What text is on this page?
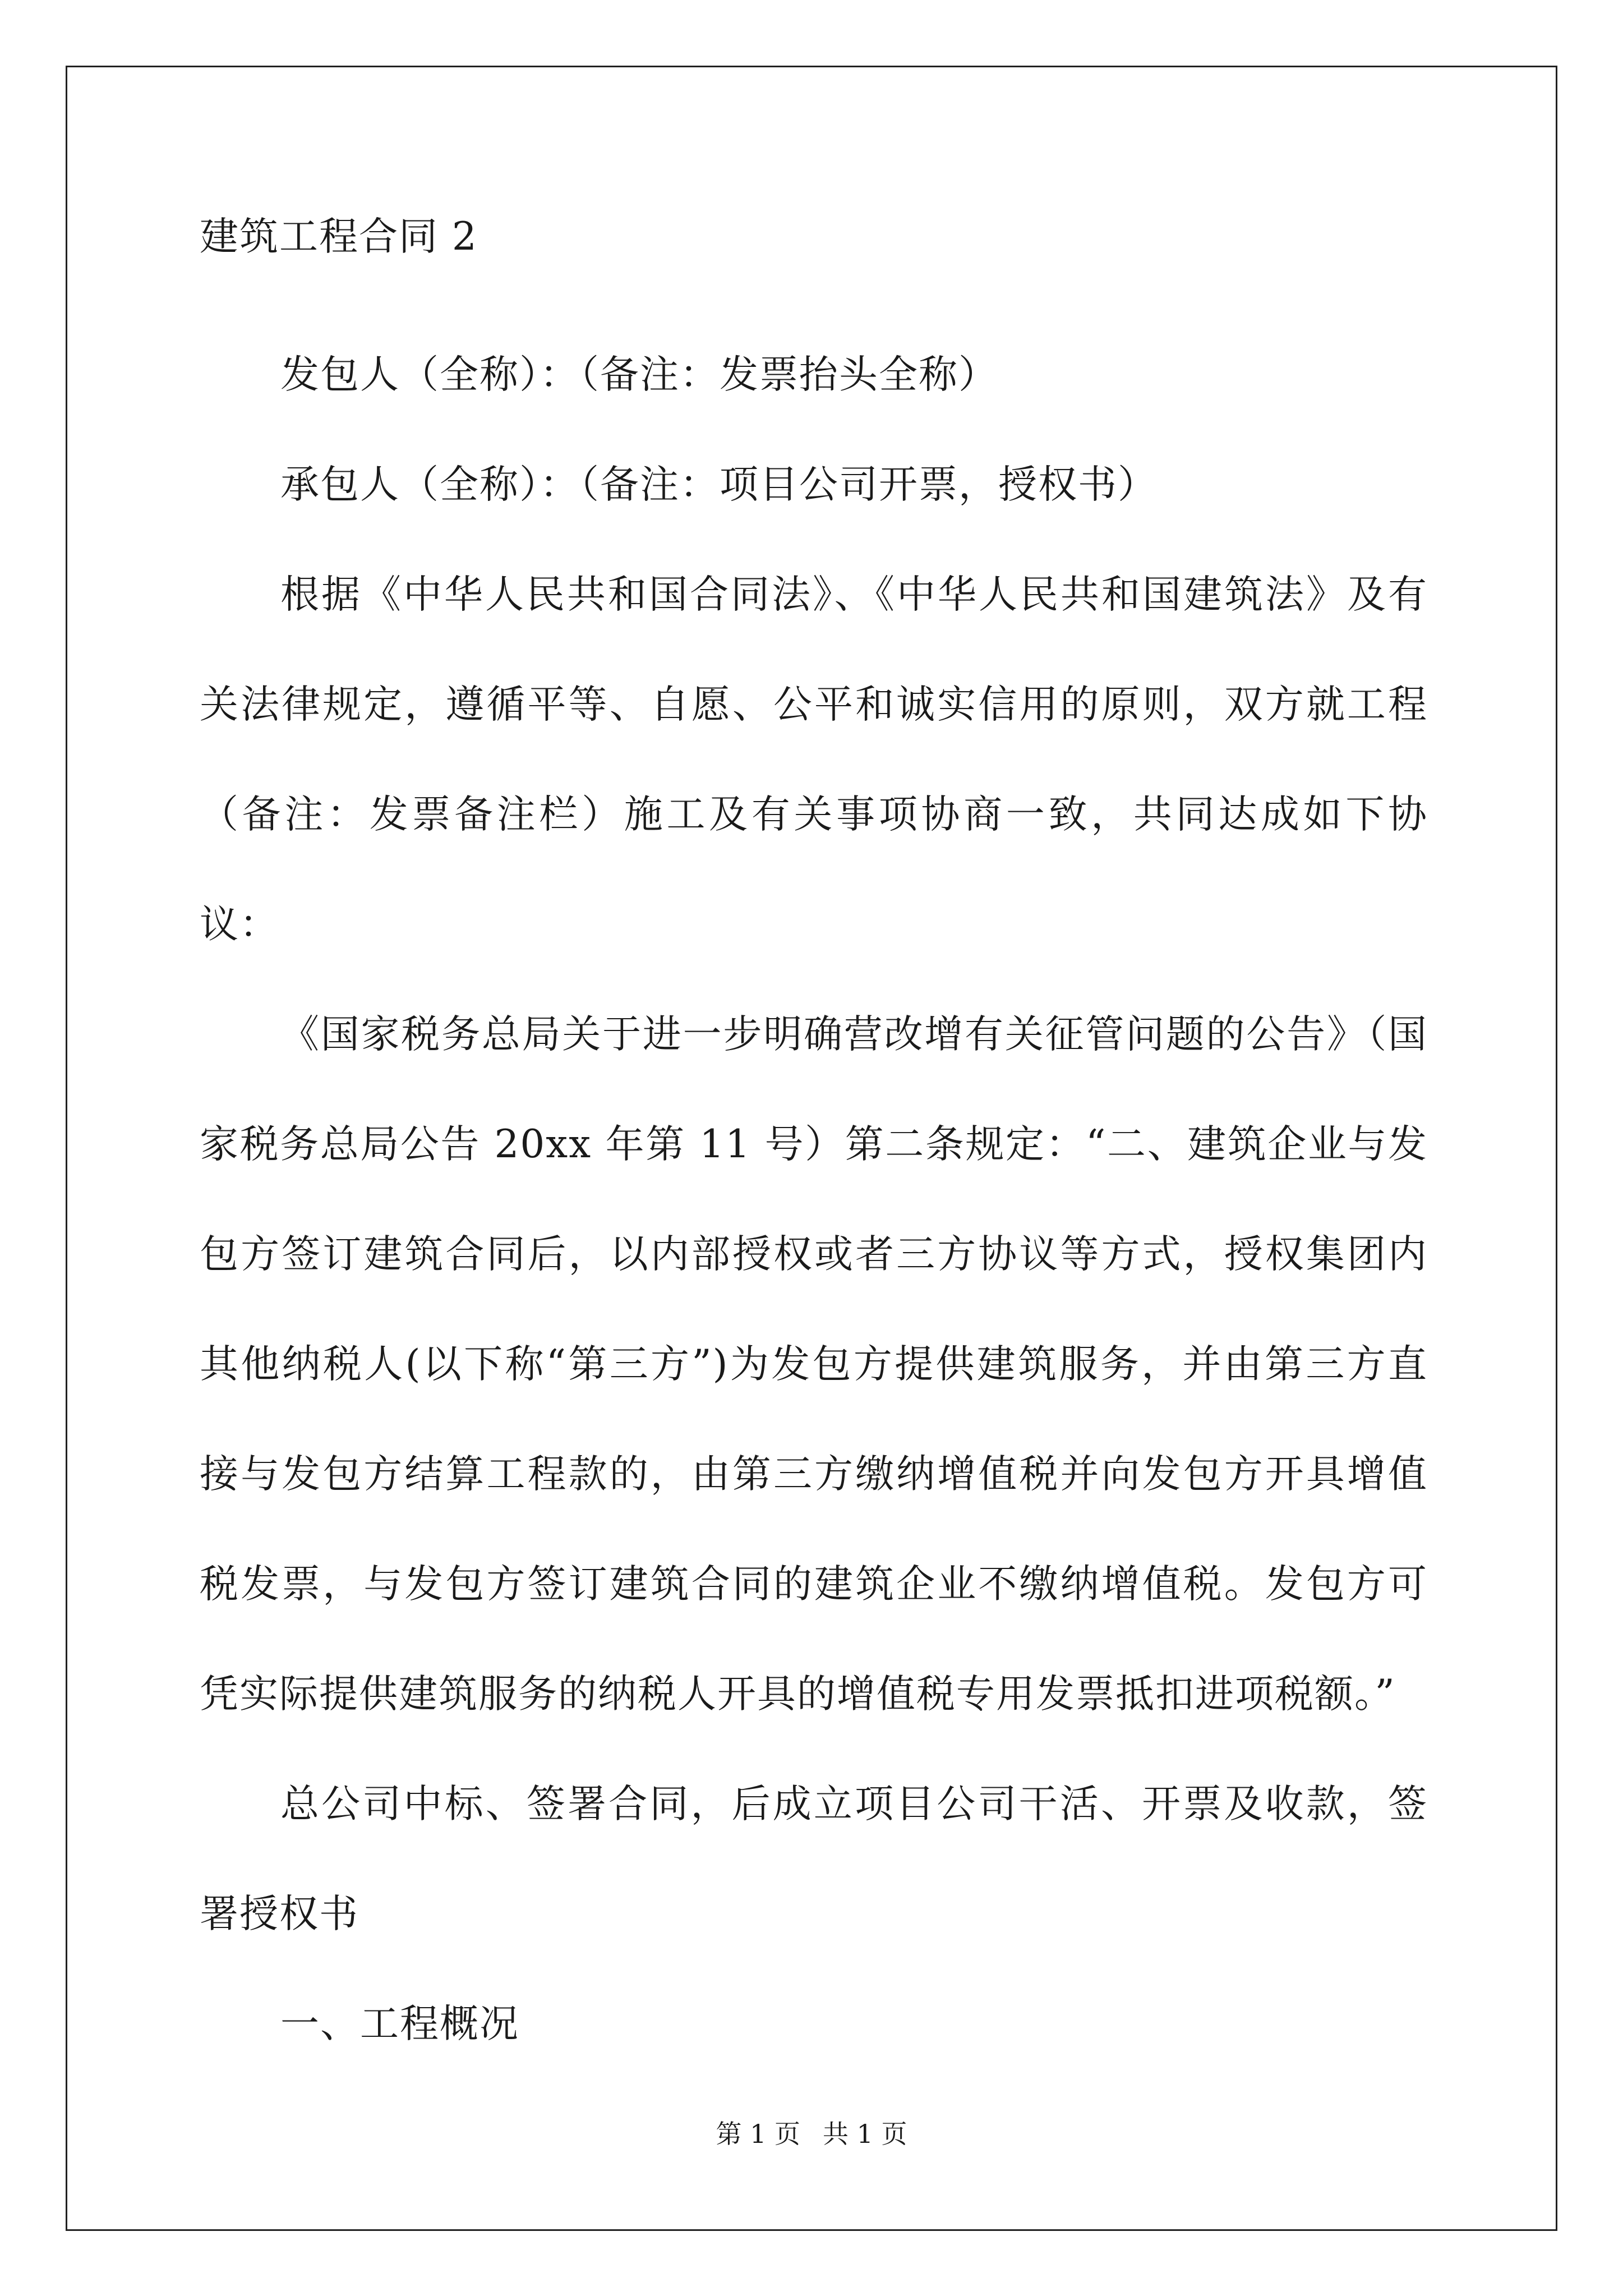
建筑工程合同 2

发包人（全称）：（备注：发票抬头全称）

承包人（全称）：（备注：项目公司开票，授权书）

根据《中华人民共和国合同法》、《中华人民共和国建筑法》及有关法律规定，遵循平等、自愿、公平和诚实信用的原则，双方就工程（备注：发票备注栏）施工及有关事项协商一致，共同达成如下协议：

《国家税务总局关于进一步明确营改增有关征管问题的公告》（国家税务总局公告 20xx 年第 11 号）第二条规定：“二、建筑企业与发包方签订建筑合同后，以内部授权或者三方协议等方式，授权集团内其他纳税人(以下称“第三方”)为发包方提供建筑服务，并由第三方直接与发包方结算工程款的，由第三方缴纳增值税并向发包方开具增值税发票，与发包方签订建筑合同的建筑企业不缴纳增值税。发包方可凭实际提供建筑服务的纳税人开具的增值税专用发票抵扣进项税额。”

总公司中标、签署合同，后成立项目公司干活、开票及收款，签署授权书

一、工程概况

第 1 页 共 1 页
